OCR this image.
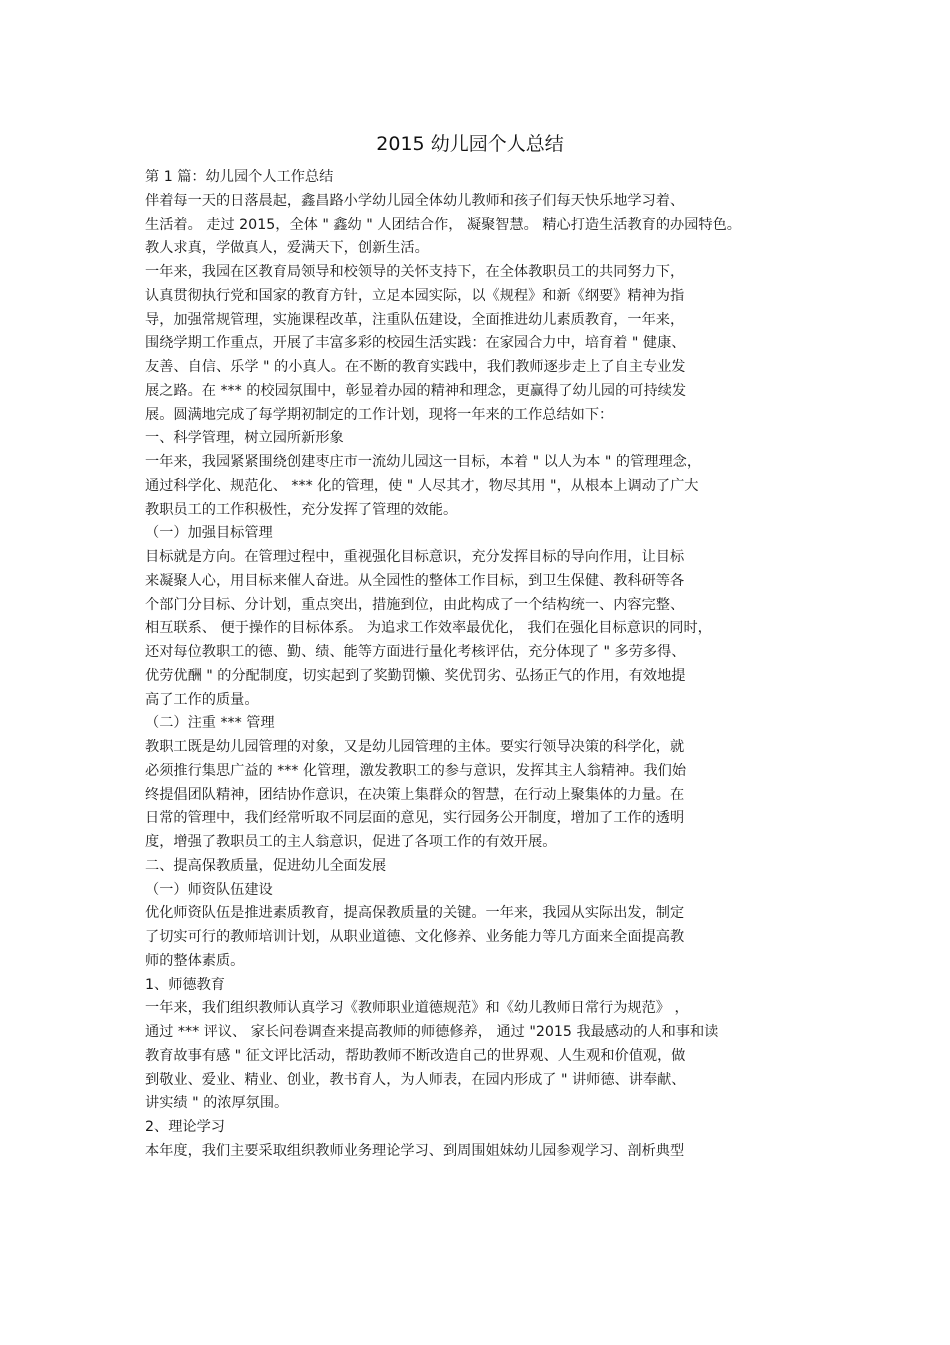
2015 幼儿园个人总结
第 1 篇：幼儿园个人工作总结
伴着每一天的日落晨起，鑫昌路小学幼儿园全体幼儿教师和孩子们每天快乐地学习着、
生活着。 走过 2015，全体 " 鑫幼 " 人团结合作， 凝聚智慧。 精心打造生活教育的办园特色。
教人求真，学做真人，爱满天下，创新生活。
一年来，我园在区教育局领导和校领导的关怀支持下，在全体教职员工的共同努力下，
认真贯彻执行党和国家的教育方针，立足本园实际，以《规程》和新《纲要》精神为指
导，加强常规管理，实施课程改革，注重队伍建设，全面推进幼儿素质教育，一年来，
围绕学期工作重点，开展了丰富多彩的校园生活实践：在家园合力中，培育着 " 健康、
友善、自信、乐学 " 的小真人。在不断的教育实践中，我们教师逐步走上了自主专业发
展之路。在 *** 的校园氛围中，彰显着办园的精神和理念，更赢得了幼儿园的可持续发
展。圆满地完成了每学期初制定的工作计划，现将一年来的工作总结如下：
一、科学管理，树立园所新形象
一年来，我园紧紧围绕创建枣庄市一流幼儿园这一目标，本着 " 以人为本 " 的管理理念，
通过科学化、规范化、 *** 化的管理，使 " 人尽其才，物尽其用 "，从根本上调动了广大
教职员工的工作积极性，充分发挥了管理的效能。
（一）加强目标管理
目标就是方向。在管理过程中，重视强化目标意识，充分发挥目标的导向作用，让目标
来凝聚人心，用目标来催人奋进。从全园性的整体工作目标，到卫生保健、教科研等各
个部门分目标、分计划，重点突出，措施到位，由此构成了一个结构统一、内容完整、
相互联系、 便于操作的目标体系。 为追求工作效率最优化， 我们在强化目标意识的同时，
还对每位教职工的德、勤、绩、能等方面进行量化考核评估，充分体现了 " 多劳多得、
优劳优酬 " 的分配制度，切实起到了奖勤罚懒、奖优罚劣、弘扬正气的作用，有效地提
高了工作的质量。
（二）注重 *** 管理
教职工既是幼儿园管理的对象，又是幼儿园管理的主体。要实行领导决策的科学化，就
必须推行集思广益的 *** 化管理，激发教职工的参与意识，发挥其主人翁精神。我们始
终提倡团队精神，团结协作意识，在决策上集群众的智慧，在行动上聚集体的力量。在
日常的管理中，我们经常听取不同层面的意见，实行园务公开制度，增加了工作的透明
度，增强了教职员工的主人翁意识，促进了各项工作的有效开展。
二、提高保教质量，促进幼儿全面发展
（一）师资队伍建设
优化师资队伍是推进素质教育，提高保教质量的关键。一年来，我园从实际出发，制定
了切实可行的教师培训计划，从职业道德、文化修养、业务能力等几方面来全面提高教
师的整体素质。
1、师德教育
一年来，我们组织教师认真学习《教师职业道德规范》和《幼儿教师日常行为规范》 ，
通过 *** 评议、 家长问卷调查来提高教师的师德修养， 通过 "2015 我最感动的人和事和读
教育故事有感 " 征文评比活动，帮助教师不断改造自己的世界观、人生观和价值观，做
到敬业、爱业、精业、创业，教书育人，为人师表，在园内形成了 " 讲师德、讲奉献、
讲实绩 " 的浓厚氛围。
2、理论学习
本年度，我们主要采取组织教师业务理论学习、到周围姐妹幼儿园参观学习、剖析典型
